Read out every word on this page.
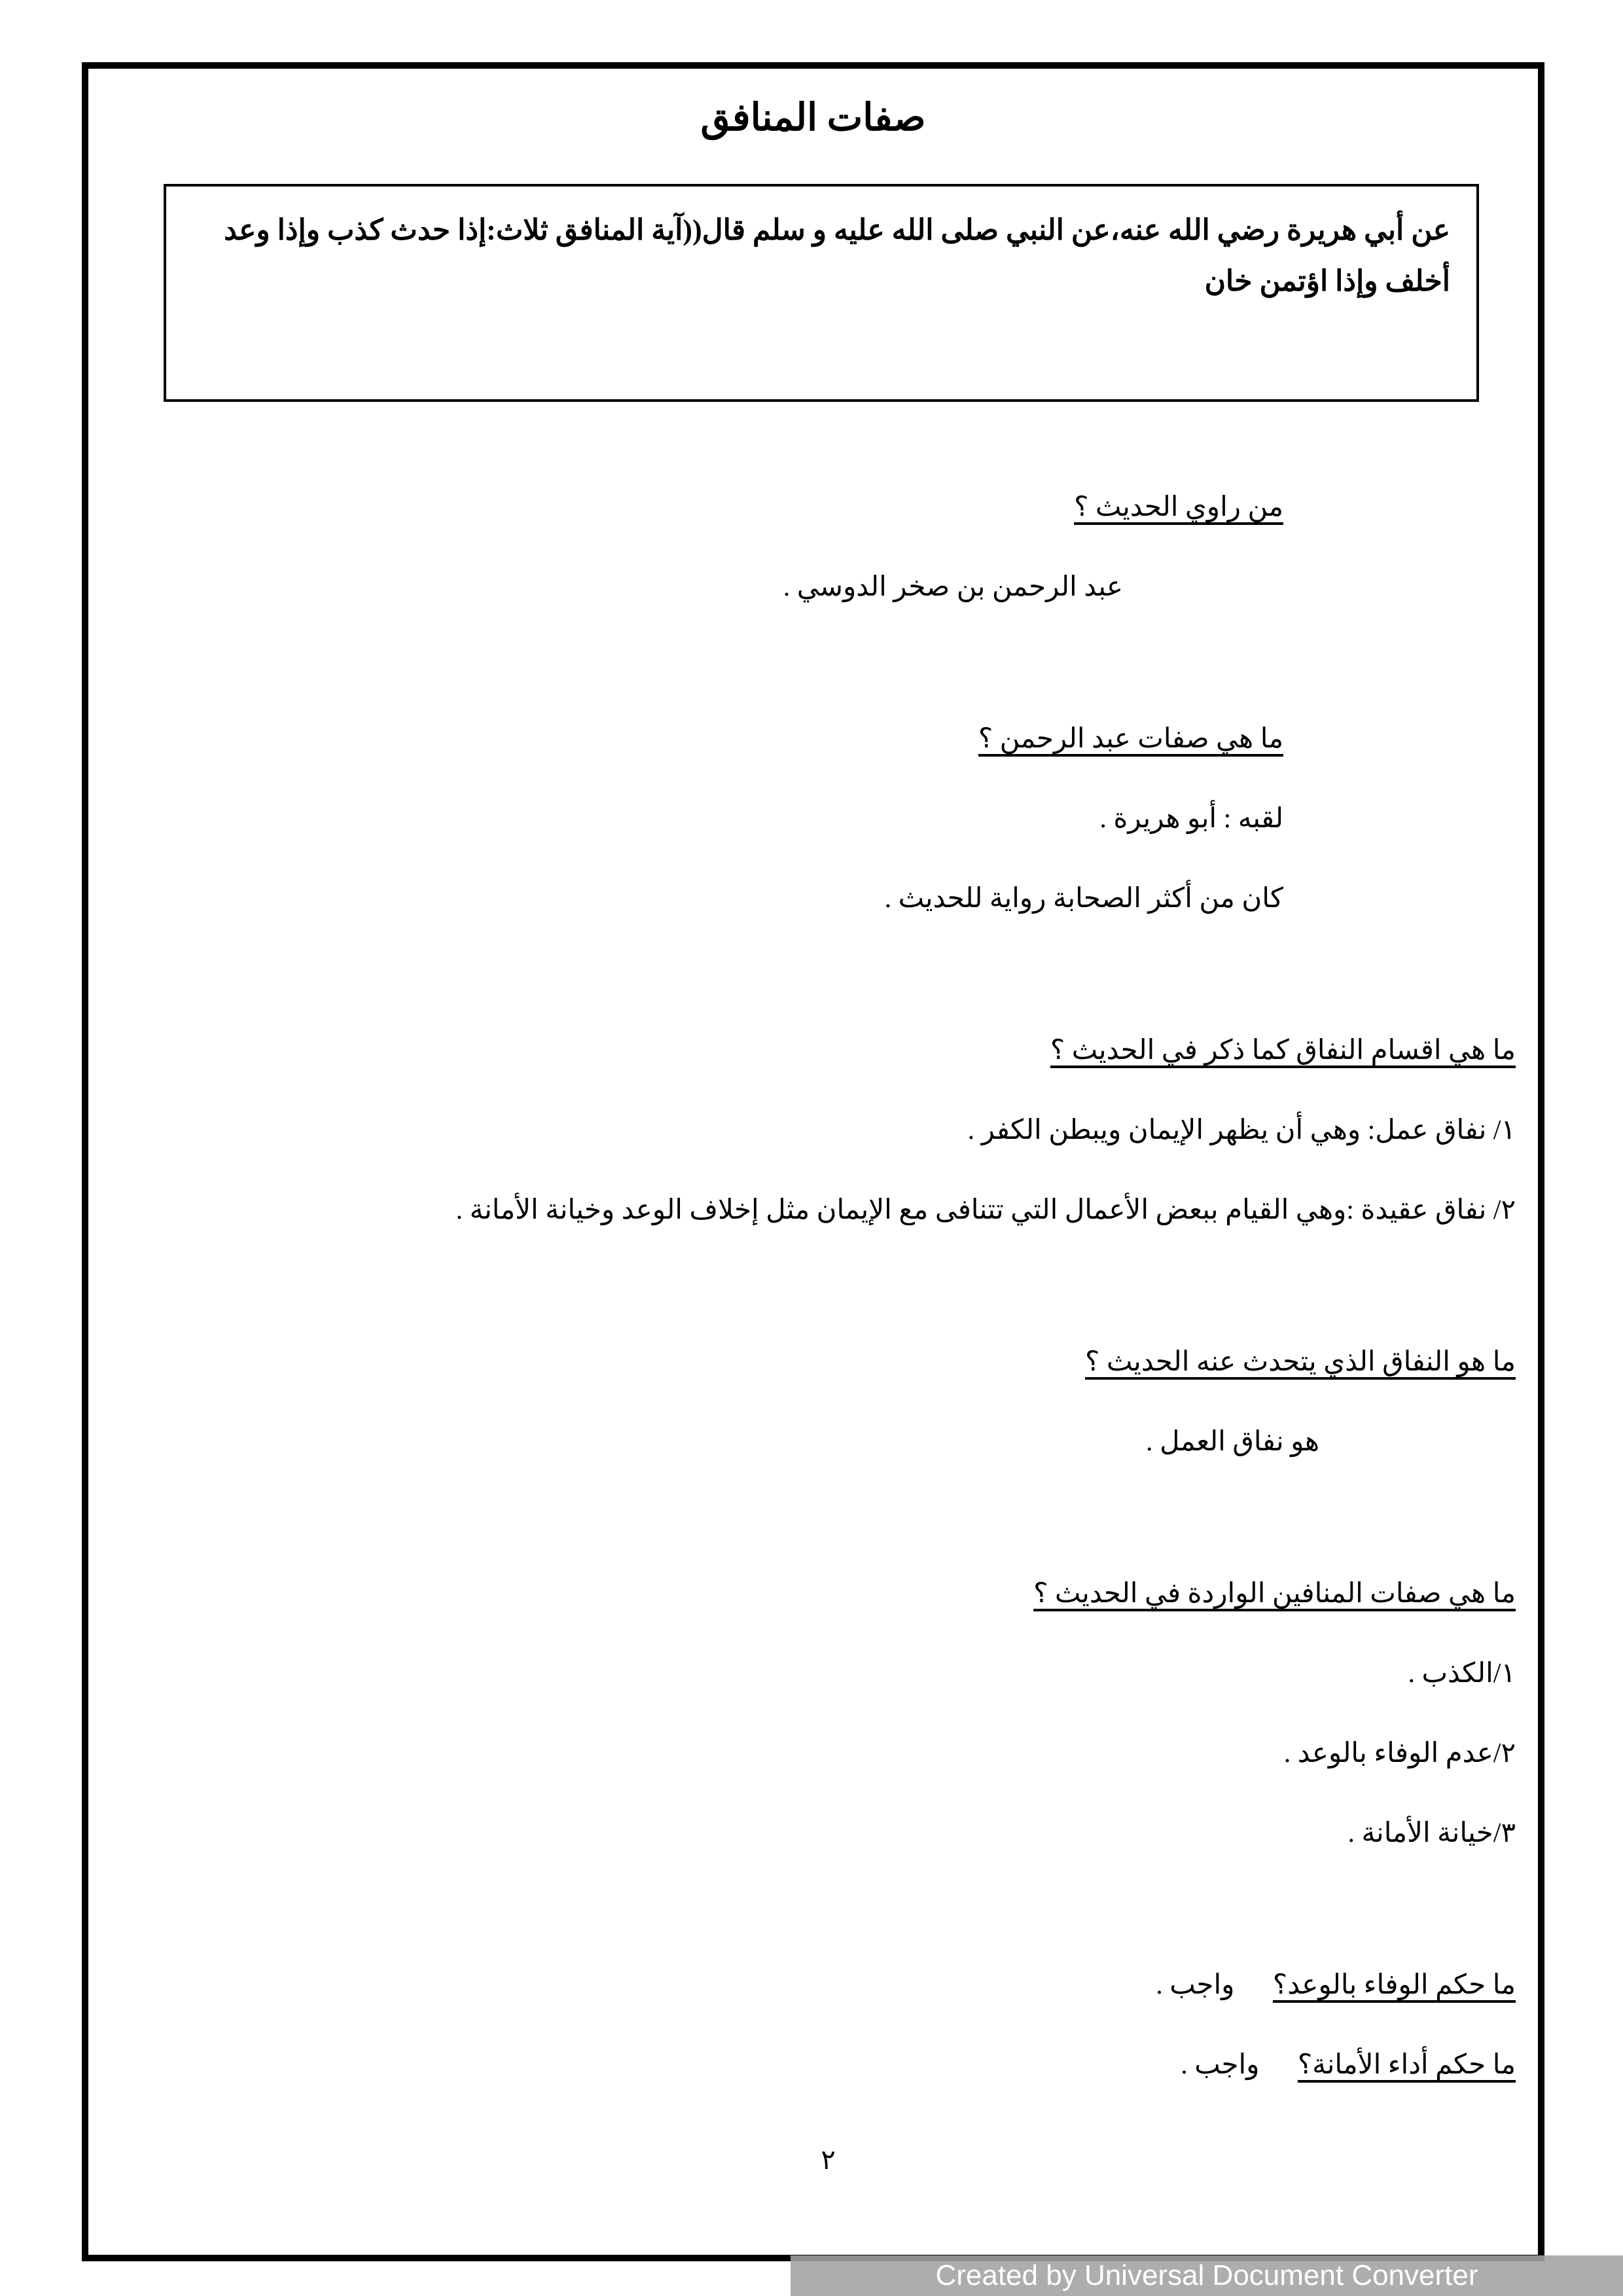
صفات المنافق
عن أبي هريرة رضي الله عنه،عن النبي صلى الله عليه و سلم قال((آية المنافق ثلاث:إذا حدث كذب وإذا وعد أخلف وإذا اؤتمن خان
من راوي الحديث ؟
عبد الرحمن بن صخر الدوسي .
ما هي صفات عبد الرحمن ؟
لقبه : أبو هريرة .
كان من أكثر الصحابة رواية للحديث .
ما هي اقسام النفاق كما ذكر في الحديث ؟
١/ نفاق عمل: وهي أن يظهر الإيمان ويبطن الكفر .
٢/ نفاق عقيدة :وهي القيام ببعض الأعمال التي تتنافى مع الإيمان مثل إخلاف الوعد وخيانة الأمانة .
ما هو النفاق الذي يتحدث عنه الحديث ؟
هو نفاق العمل .
ما هي صفات المنافين الواردة في الحديث ؟
١/الكذب .
٢/عدم الوفاء بالوعد .
٣/خيانة الأمانة .
ما حكم الوفاء بالوعد؟ واجب .
ما حكم أداء الأمانة؟ واجب .
٢
Created by Universal Document Converter
